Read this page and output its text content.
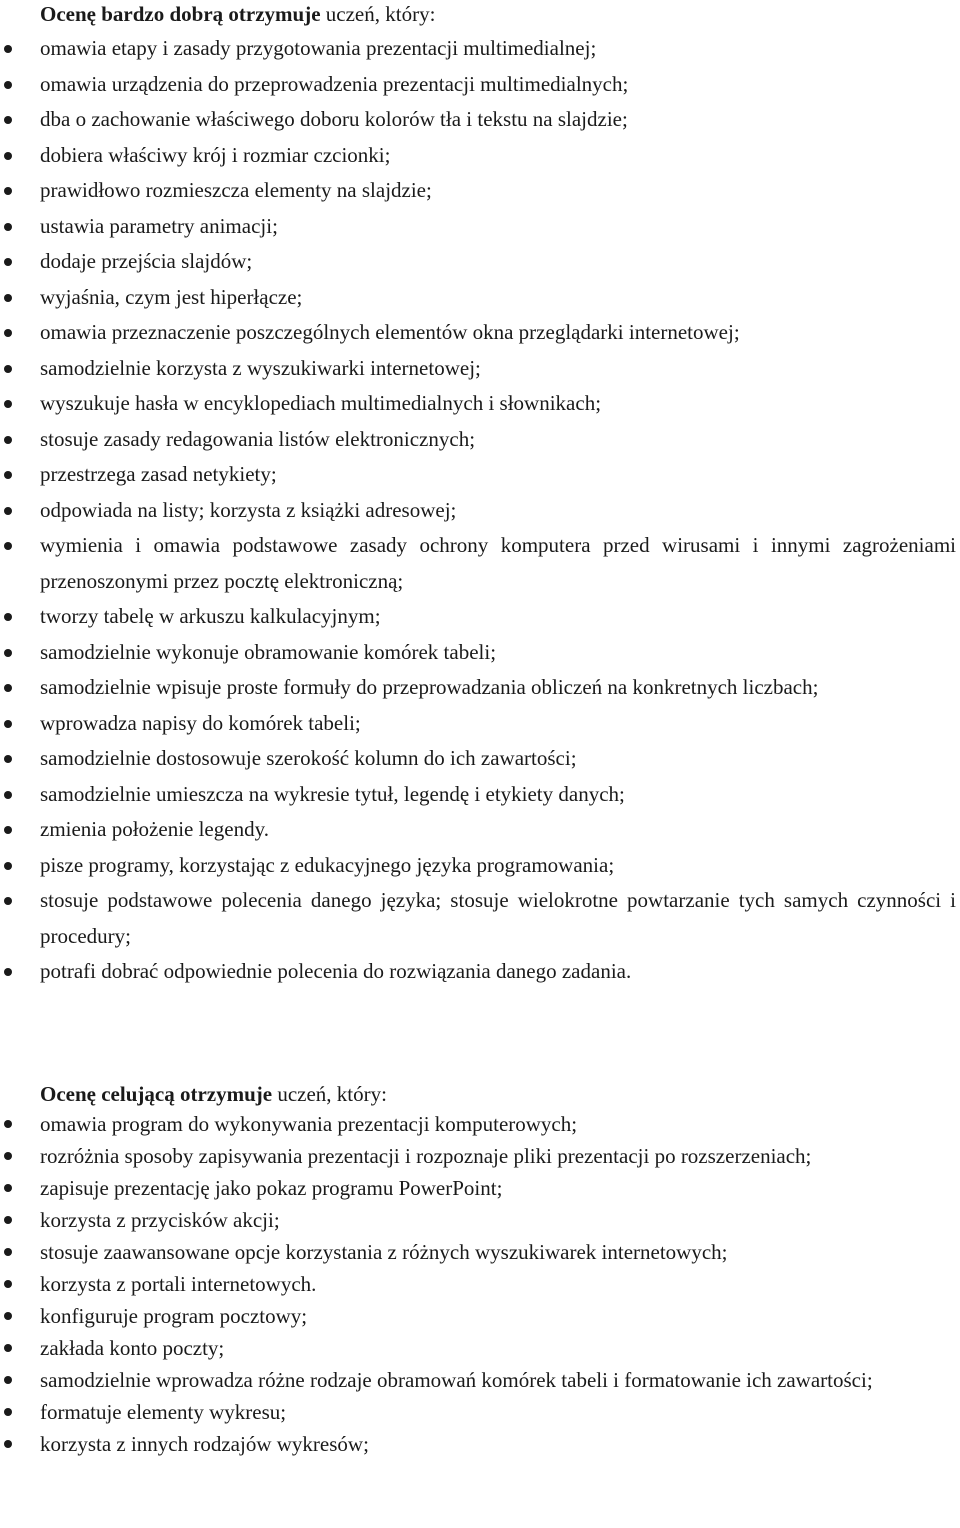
Ocenę bardzo dobrą otrzymuje uczeń, który:

omawia etapy i zasady przygotowania prezentacji multimedialnej;
omawia urządzenia do przeprowadzenia prezentacji multimedialnych;
dba o zachowanie właściwego doboru kolorów tła i tekstu na slajdzie;
dobiera właściwy krój i rozmiar czcionki;
prawidłowo rozmieszcza elementy na slajdzie;
ustawia parametry animacji;
dodaje przejścia slajdów;
wyjaśnia, czym jest hiperłącze;
omawia przeznaczenie poszczególnych elementów okna przeglądarki internetowej;
samodzielnie korzysta z wyszukiwarki internetowej;
wyszukuje hasła w encyklopediach multimedialnych i słownikach;
stosuje zasady redagowania listów elektronicznych;
przestrzega zasad netykiety;
odpowiada na listy; korzysta z książki adresowej;
wymienia i omawia podstawowe zasady ochrony komputera przed wirusami i innymi zagrożeniami przenoszonymi przez pocztę elektroniczną;
tworzy tabelę w arkuszu kalkulacyjnym;
samodzielnie wykonuje obramowanie komórek tabeli;
samodzielnie wpisuje proste formuły do przeprowadzania obliczeń na konkretnych liczbach;
wprowadza napisy do komórek tabeli;
samodzielnie dostosowuje szerokość kolumn do ich zawartości;
samodzielnie umieszcza na wykresie tytuł, legendę i etykiety danych;
zmienia położenie legendy.
pisze programy, korzystając z edukacyjnego języka programowania;
stosuje podstawowe polecenia danego języka; stosuje wielokrotne powtarzanie tych samych czynności i procedury;
potrafi dobrać odpowiednie polecenia do rozwiązania danego zadania.

Ocenę celującą otrzymuje uczeń, który:

omawia program do wykonywania prezentacji komputerowych;
rozróżnia sposoby zapisywania prezentacji i rozpoznaje pliki prezentacji po rozszerzeniach;
zapisuje prezentację jako pokaz programu PowerPoint;
korzysta z przycisków akcji;
stosuje zaawansowane opcje korzystania z różnych wyszukiwarek internetowych;
korzysta z portali internetowych.
konfiguruje program pocztowy;
zakłada konto poczty;
samodzielnie wprowadza różne rodzaje obramowań komórek tabeli i formatowanie ich zawartości;
formatuje elementy wykresu;
korzysta z innych rodzajów wykresów;
